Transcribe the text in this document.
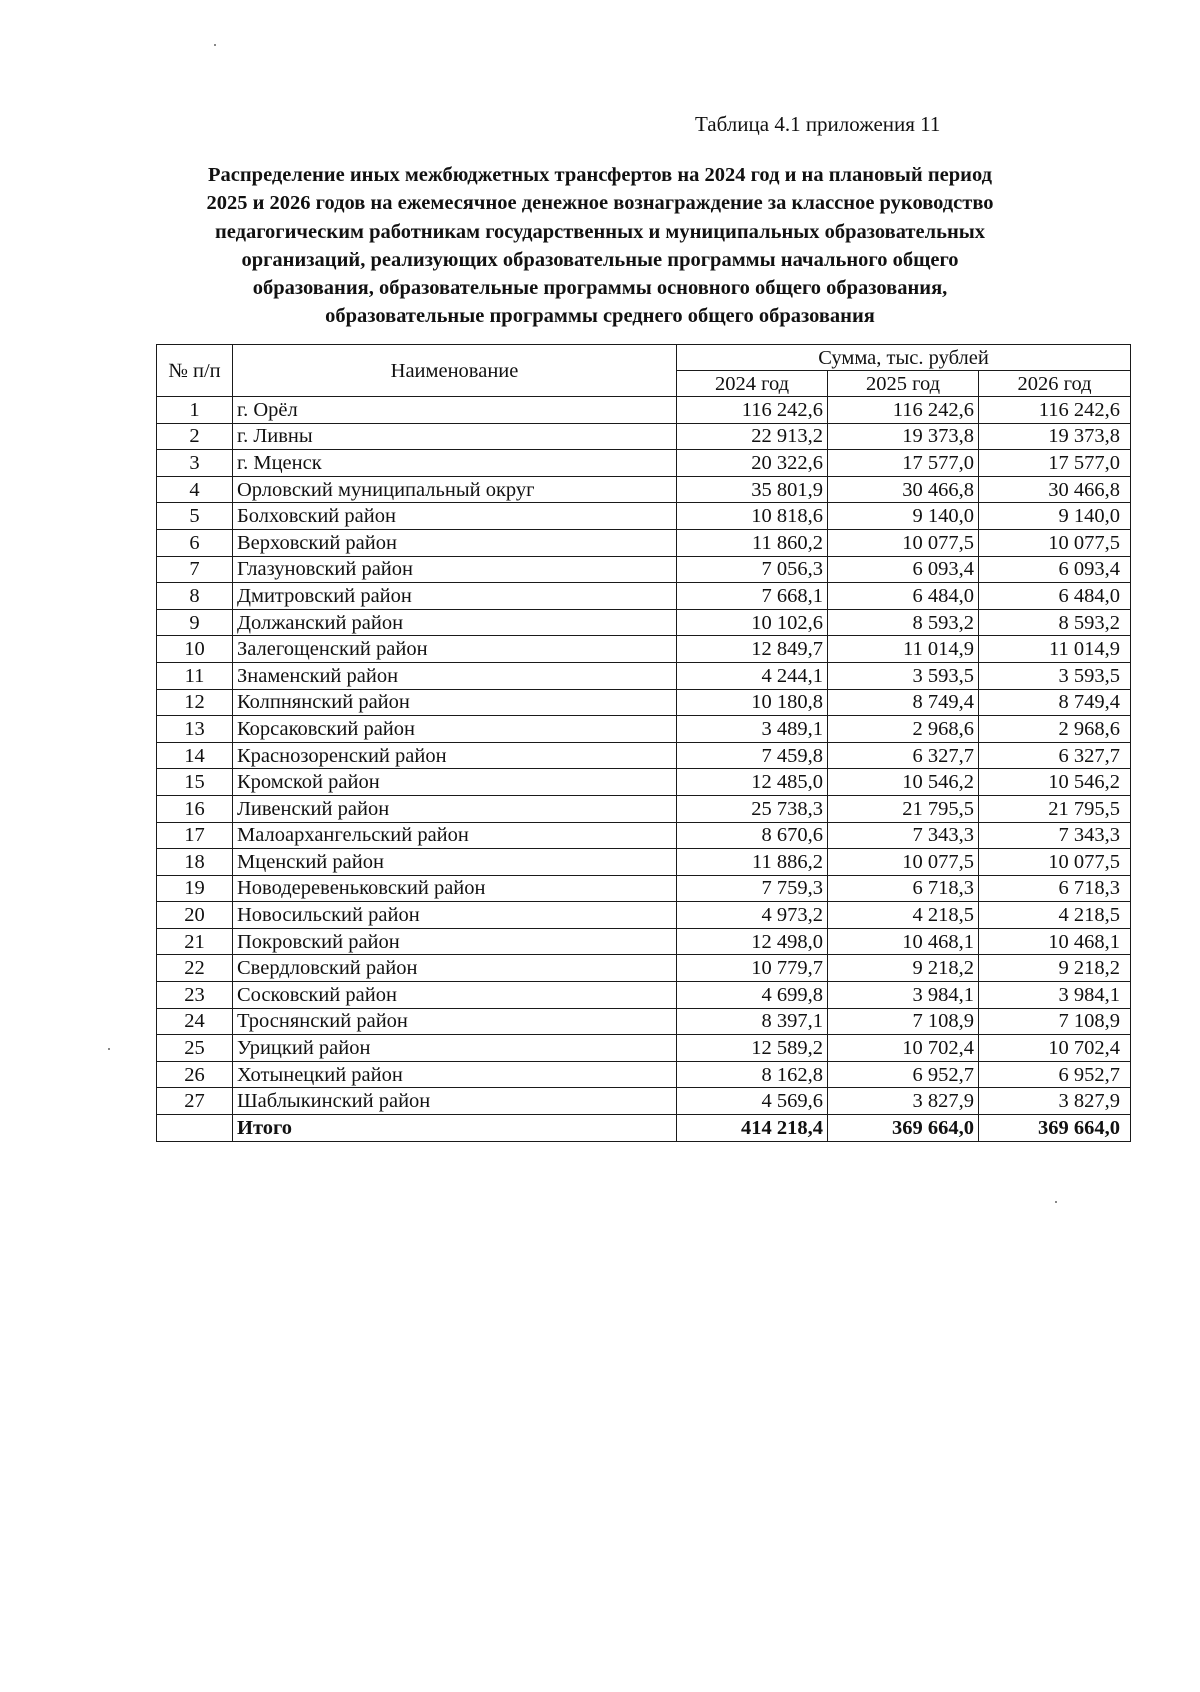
Таблица 4.1 приложения 11
Распределение иных межбюджетных трансфертов на 2024 год и на плановый период
2025 и 2026 годов на ежемесячное денежное вознаграждение за классное руководство
педагогическим работникам государственных и муниципальных образовательных
организаций, реализующих образовательные программы начального общего
образования, образовательные программы основного общего образования,
образовательные программы среднего общего образования
№ п/п	Наименование	Сумма, тыс. рублей		
		2024 год	2025 год	2026 год
1	г. Орёл	116 242,6	116 242,6	116 242,6
2	г. Ливны	22 913,2	19 373,8	19 373,8
3	г. Мценск	20 322,6	17 577,0	17 577,0
4	Орловский муниципальный округ	35 801,9	30 466,8	30 466,8
5	Болховский район	10 818,6	9 140,0	9 140,0
6	Верховский район	11 860,2	10 077,5	10 077,5
7	Глазуновский район	7 056,3	6 093,4	6 093,4
8	Дмитровский район	7 668,1	6 484,0	6 484,0
9	Должанский район	10 102,6	8 593,2	8 593,2
10	Залегощенский район	12 849,7	11 014,9	11 014,9
11	Знаменский район	4 244,1	3 593,5	3 593,5
12	Колпнянский район	10 180,8	8 749,4	8 749,4
13	Корсаковский район	3 489,1	2 968,6	2 968,6
14	Краснозоренский район	7 459,8	6 327,7	6 327,7
15	Кромской район	12 485,0	10 546,2	10 546,2
16	Ливенский район	25 738,3	21 795,5	21 795,5
17	Малоархангельский район	8 670,6	7 343,3	7 343,3
18	Мценский район	11 886,2	10 077,5	10 077,5
19	Новодеревеньковский район	7 759,3	6 718,3	6 718,3
20	Новосильский район	4 973,2	4 218,5	4 218,5
21	Покровский район	12 498,0	10 468,1	10 468,1
22	Свердловский район	10 779,7	9 218,2	9 218,2
23	Сосковский район	4 699,8	3 984,1	3 984,1
24	Троснянский район	8 397,1	7 108,9	7 108,9
25	Урицкий район	12 589,2	10 702,4	10 702,4
26	Хотынецкий район	8 162,8	6 952,7	6 952,7
27	Шаблыкинский район	4 569,6	3 827,9	3 827,9
	Итого	414 218,4	369 664,0	369 664,0
